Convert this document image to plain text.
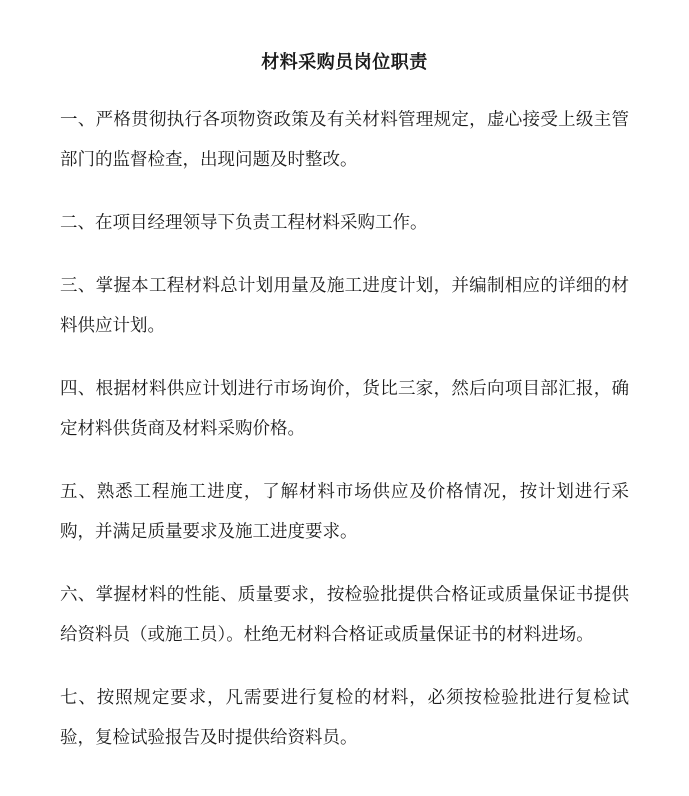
材料采购员岗位职责

一、严格贯彻执行各项物资政策及有关材料管理规定，虚心接受上级主管部门的监督检查，出现问题及时整改。

二、在项目经理领导下负责工程材料采购工作。

三、掌握本工程材料总计划用量及施工进度计划，并编制相应的详细的材料供应计划。

四、根据材料供应计划进行市场询价，货比三家，然后向项目部汇报，确定材料供货商及材料采购价格。

五、熟悉工程施工进度，了解材料市场供应及价格情况，按计划进行采购，并满足质量要求及施工进度要求。

六、掌握材料的性能、质量要求，按检验批提供合格证或质量保证书提供给资料员（或施工员）。杜绝无材料合格证或质量保证书的材料进场。

七、按照规定要求，凡需要进行复检的材料，必须按检验批进行复检试验，复检试验报告及时提供给资料员。
